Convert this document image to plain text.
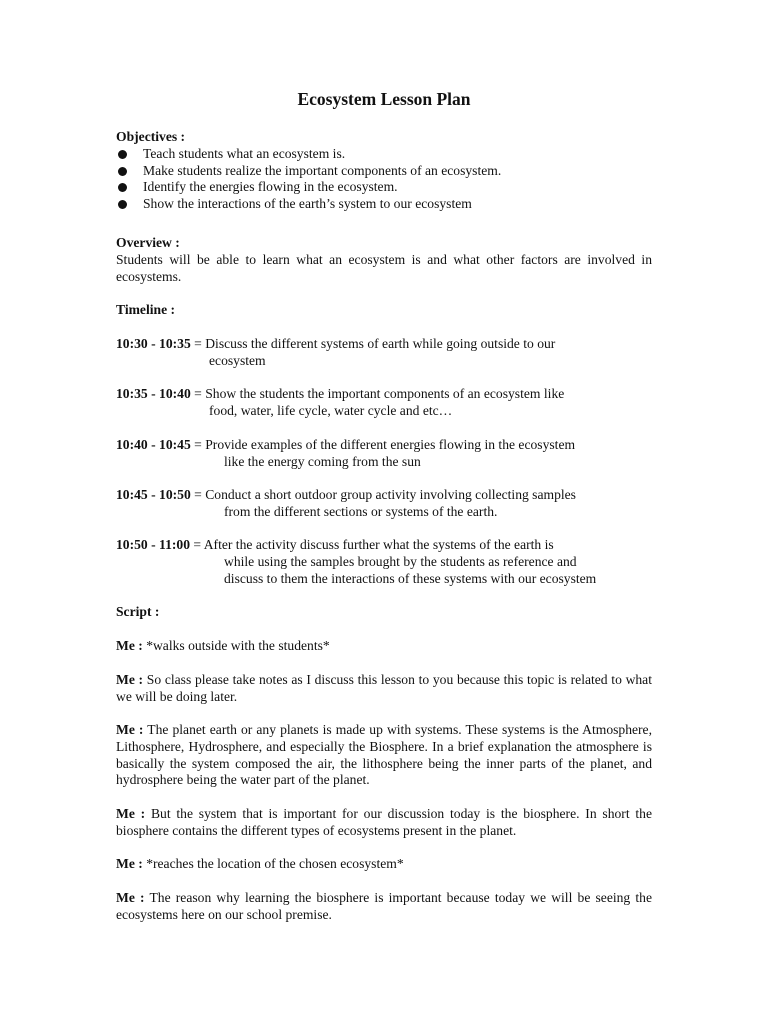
Ecosystem Lesson Plan
Objectives :
Teach students what an ecosystem is.
Make students realize the important components of an ecosystem.
Identify the energies flowing in the ecosystem.
Show the interactions of the earth’s system to our ecosystem
Overview :
Students will be able to learn what an ecosystem is and what other factors are involved in ecosystems.
Timeline :
10:30 - 10:35 = Discuss the different systems of earth while going outside to our
ecosystem
10:35 - 10:40 = Show the students the important components of an ecosystem like
food, water, life cycle, water cycle and etc…
10:40 - 10:45 = Provide examples of the different energies flowing in the ecosystem
like the energy coming from the sun
10:45 - 10:50 = Conduct a short outdoor group activity involving collecting samples
from the different sections or systems of the earth.
10:50 - 11:00 = After the activity discuss further what the systems of the earth is
while using the samples brought by the students as reference and
discuss to them the interactions of these systems with our ecosystem
Script :
Me : *walks outside with the students*
Me : So class please take notes as I discuss this lesson to you because this topic is related to what we will be doing later.
Me : The planet earth or any planets is made up with systems. These systems is the Atmosphere, Lithosphere, Hydrosphere, and especially the Biosphere. In a brief explanation the atmosphere is basically the system composed the air, the lithosphere being the inner parts of the planet, and hydrosphere being the water part of the planet.
Me : But the system that is important for our discussion today is the biosphere. In short the biosphere contains the different types of ecosystems present in the planet.
Me : *reaches the location of the chosen ecosystem*
Me : The reason why learning the biosphere is important because today we will be seeing the ecosystems here on our school premise.
